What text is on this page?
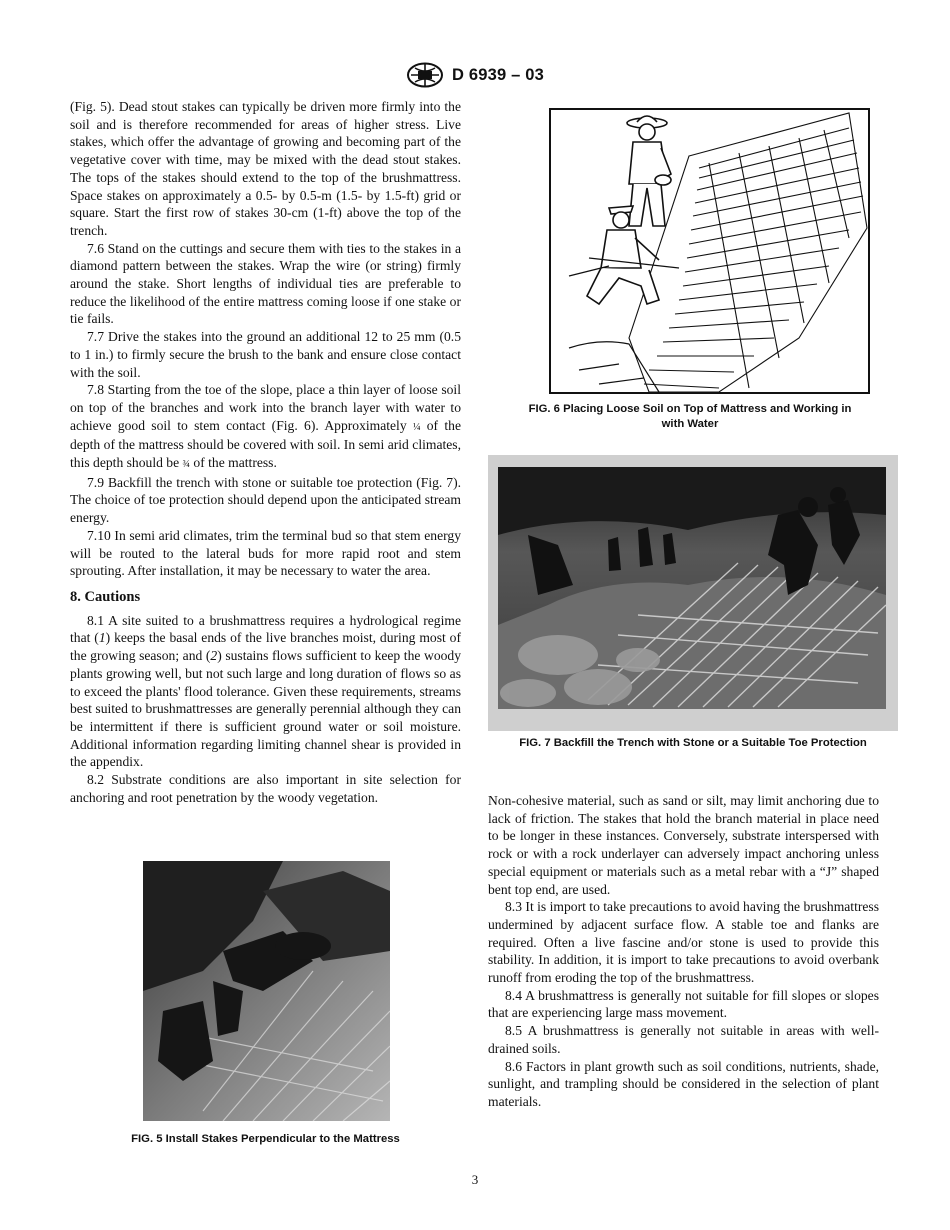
D 6939 – 03

(Fig. 5). Dead stout stakes can typically be driven more firmly into the soil and is therefore recommended for areas of higher stress. Live stakes, which offer the advantage of growing and becoming part of the vegetative cover with time, may be mixed with the dead stout stakes. The tops of the stakes should extend to the top of the brushmattress. Space stakes on approximately a 0.5- by 0.5-m (1.5- by 1.5-ft) grid or square. Start the first row of stakes 30-cm (1-ft) above the top of the trench.

7.6 Stand on the cuttings and secure them with ties to the stakes in a diamond pattern between the stakes. Wrap the wire (or string) firmly around the stake. Short lengths of individual ties are preferable to reduce the likelihood of the entire mattress coming loose if one stake or tie fails.

7.7 Drive the stakes into the ground an additional 12 to 25 mm (0.5 to 1 in.) to firmly secure the brush to the bank and ensure close contact with the soil.

7.8 Starting from the toe of the slope, place a thin layer of loose soil on top of the branches and work into the branch layer with water to achieve good soil to stem contact (Fig. 6). Approximately ¼ of the depth of the mattress should be covered with soil. In semi arid climates, this depth should be ¾ of the mattress.

7.9 Backfill the trench with stone or suitable toe protection (Fig. 7). The choice of toe protection should depend upon the anticipated stream energy.

7.10 In semi arid climates, trim the terminal bud so that stem energy will be routed to the lateral buds for more rapid root and stem sprouting. After installation, it may be necessary to water the area.

8. Cautions

8.1 A site suited to a brushmattress requires a hydrological regime that (1) keeps the basal ends of the live branches moist, during most of the growing season; and (2) sustains flows sufficient to keep the woody plants growing well, but not such large and long duration of flows so as to exceed the plants' flood tolerance. Given these requirements, streams best suited to brushmattresses are generally perennial although they can be intermittent if there is sufficient ground water or soil moisture. Additional information regarding limiting channel shear is provided in the appendix.

8.2 Substrate conditions are also important in site selection for anchoring and root penetration by the woody vegetation.

FIG. 6 Placing Loose Soil on Top of Mattress and Working in
with Water
FIG. 7 Backfill the Trench with Stone or a Suitable Toe Protection
FIG. 5 Install Stakes Perpendicular to the Mattress

Non-cohesive material, such as sand or silt, may limit anchoring due to lack of friction. The stakes that hold the branch material in place need to be longer in these instances. Conversely, substrate interspersed with rock or with a rock underlayer can adversely impact anchoring unless special equipment or materials such as a metal rebar with a “J” shaped bent top end, are used.

8.3 It is import to take precautions to avoid having the brushmattress undermined by adjacent surface flow. A stable toe and flanks are required. Often a live fascine and/or stone is used to provide this stability. In addition, it is import to take precautions to avoid overbank runoff from eroding the top of the brushmattress.

8.4 A brushmattress is generally not suitable for fill slopes or slopes that are experiencing large mass movement.

8.5 A brushmattress is generally not suitable in areas with well-drained soils.

8.6 Factors in plant growth such as soil conditions, nutrients, shade, sunlight, and trampling should be considered in the selection of plant materials.

3
